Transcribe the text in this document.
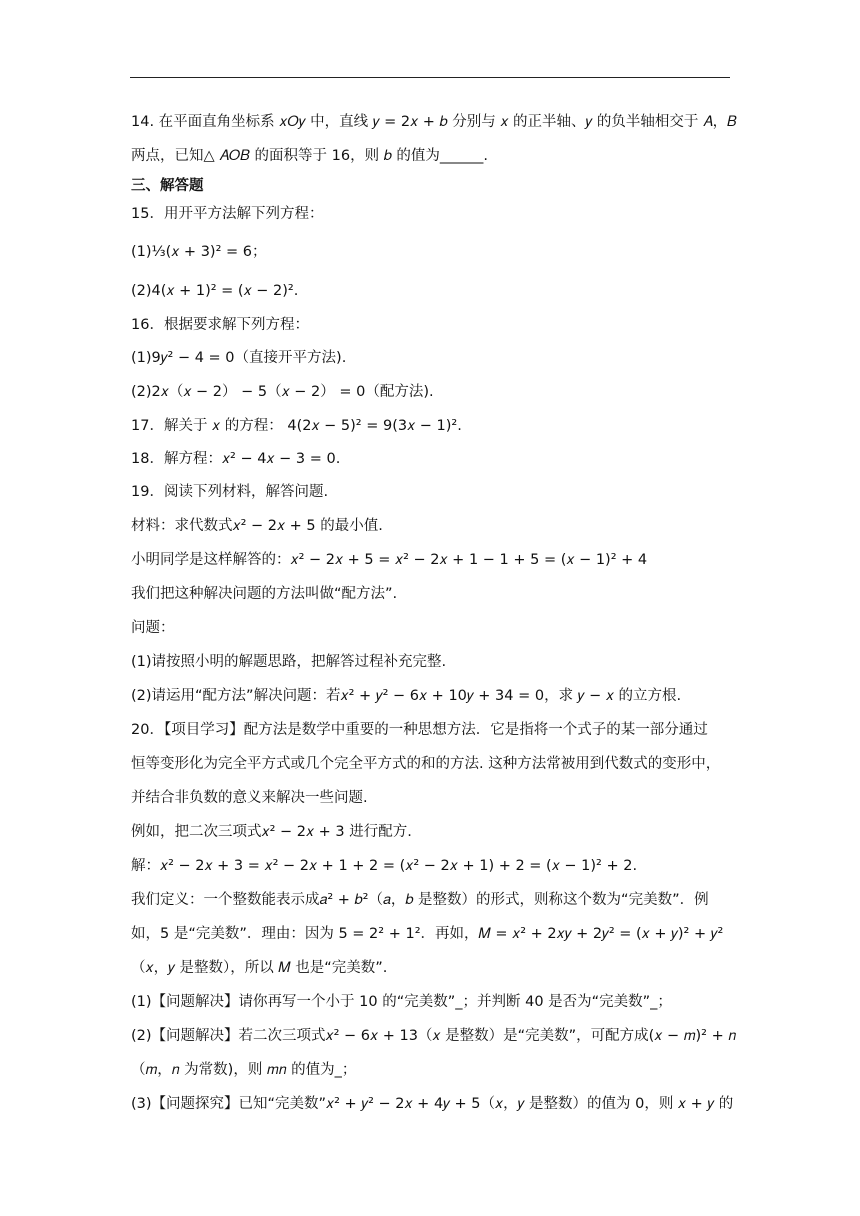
14. 在平面直角坐标系 𝑥𝑂𝑦 中，直线 𝑦 = 2𝑥 + 𝑏 分别与 𝑥 的正半轴、𝑦 的负半轴相交于 𝐴，𝐵
两点，已知△ 𝐴𝑂𝐵 的面积等于 16，则 𝑏 的值为______.
三、解答题
15．用开平方法解下列方程：
(1)⅓(𝑥 + 3)² = 6；
(2)4(𝑥 + 1)² = (𝑥 − 2)².
16．根据要求解下列方程：
(1)9𝑦² − 4 = 0（直接开平方法).
(2)2𝑥（𝑥 − 2） − 5（𝑥 − 2） = 0（配方法).
17．解关于 𝑥 的方程： 4(2𝑥 − 5)² = 9(3𝑥 − 1)².
18．解方程：𝑥² − 4𝑥 − 3 = 0.
19．阅读下列材料，解答问题.
材料：求代数式𝑥² − 2𝑥 + 5 的最小值.
小明同学是这样解答的：𝑥² − 2𝑥 + 5 = 𝑥² − 2𝑥 + 1 − 1 + 5 = (𝑥 − 1)² + 4
我们把这种解决问题的方法叫做“配方法”.
问题：
(1)请按照小明的解题思路，把解答过程补充完整.
(2)请运用“配方法”解决问题：若𝑥² + 𝑦² − 6𝑥 + 10𝑦 + 34 = 0，求 𝑦 − 𝑥 的立方根.
20．【项目学习】配方法是数学中重要的一种思想方法．它是指将一个式子的某一部分通过
恒等变形化为完全平方式或几个完全平方式的和的方法. 这种方法常被用到代数式的变形中，
并结合非负数的意义来解决一些问题.
例如，把二次三项式𝑥² − 2𝑥 + 3 进行配方.
解：𝑥² − 2𝑥 + 3 = 𝑥² − 2𝑥 + 1 + 2 = (𝑥² − 2𝑥 + 1) + 2 = (𝑥 − 1)² + 2.
我们定义：一个整数能表示成𝑎² + 𝑏²（𝑎，𝑏 是整数）的形式，则称这个数为“完美数”．例
如，5 是“完美数”．理由：因为 5 = 2² + 1²．再如，𝑀 = 𝑥² + 2𝑥𝑦 + 2𝑦² = (𝑥 + 𝑦)² + 𝑦²
（𝑥，𝑦 是整数），所以 𝑀 也是“完美数”.
(1)【问题解决】请你再写一个小于 10 的“完美数”_；并判断 40 是否为“完美数”_；
(2)【问题解决】若二次三项式𝑥² − 6𝑥 + 13（𝑥 是整数）是“完美数”，可配方成(𝑥 − 𝑚)² + 𝑛
（𝑚，𝑛 为常数)，则 𝑚𝑛 的值为_；
(3)【问题探究】已知“完美数”𝑥² + 𝑦² − 2𝑥 + 4𝑦 + 5（𝑥，𝑦 是整数）的值为 0，则 𝑥 + 𝑦 的
